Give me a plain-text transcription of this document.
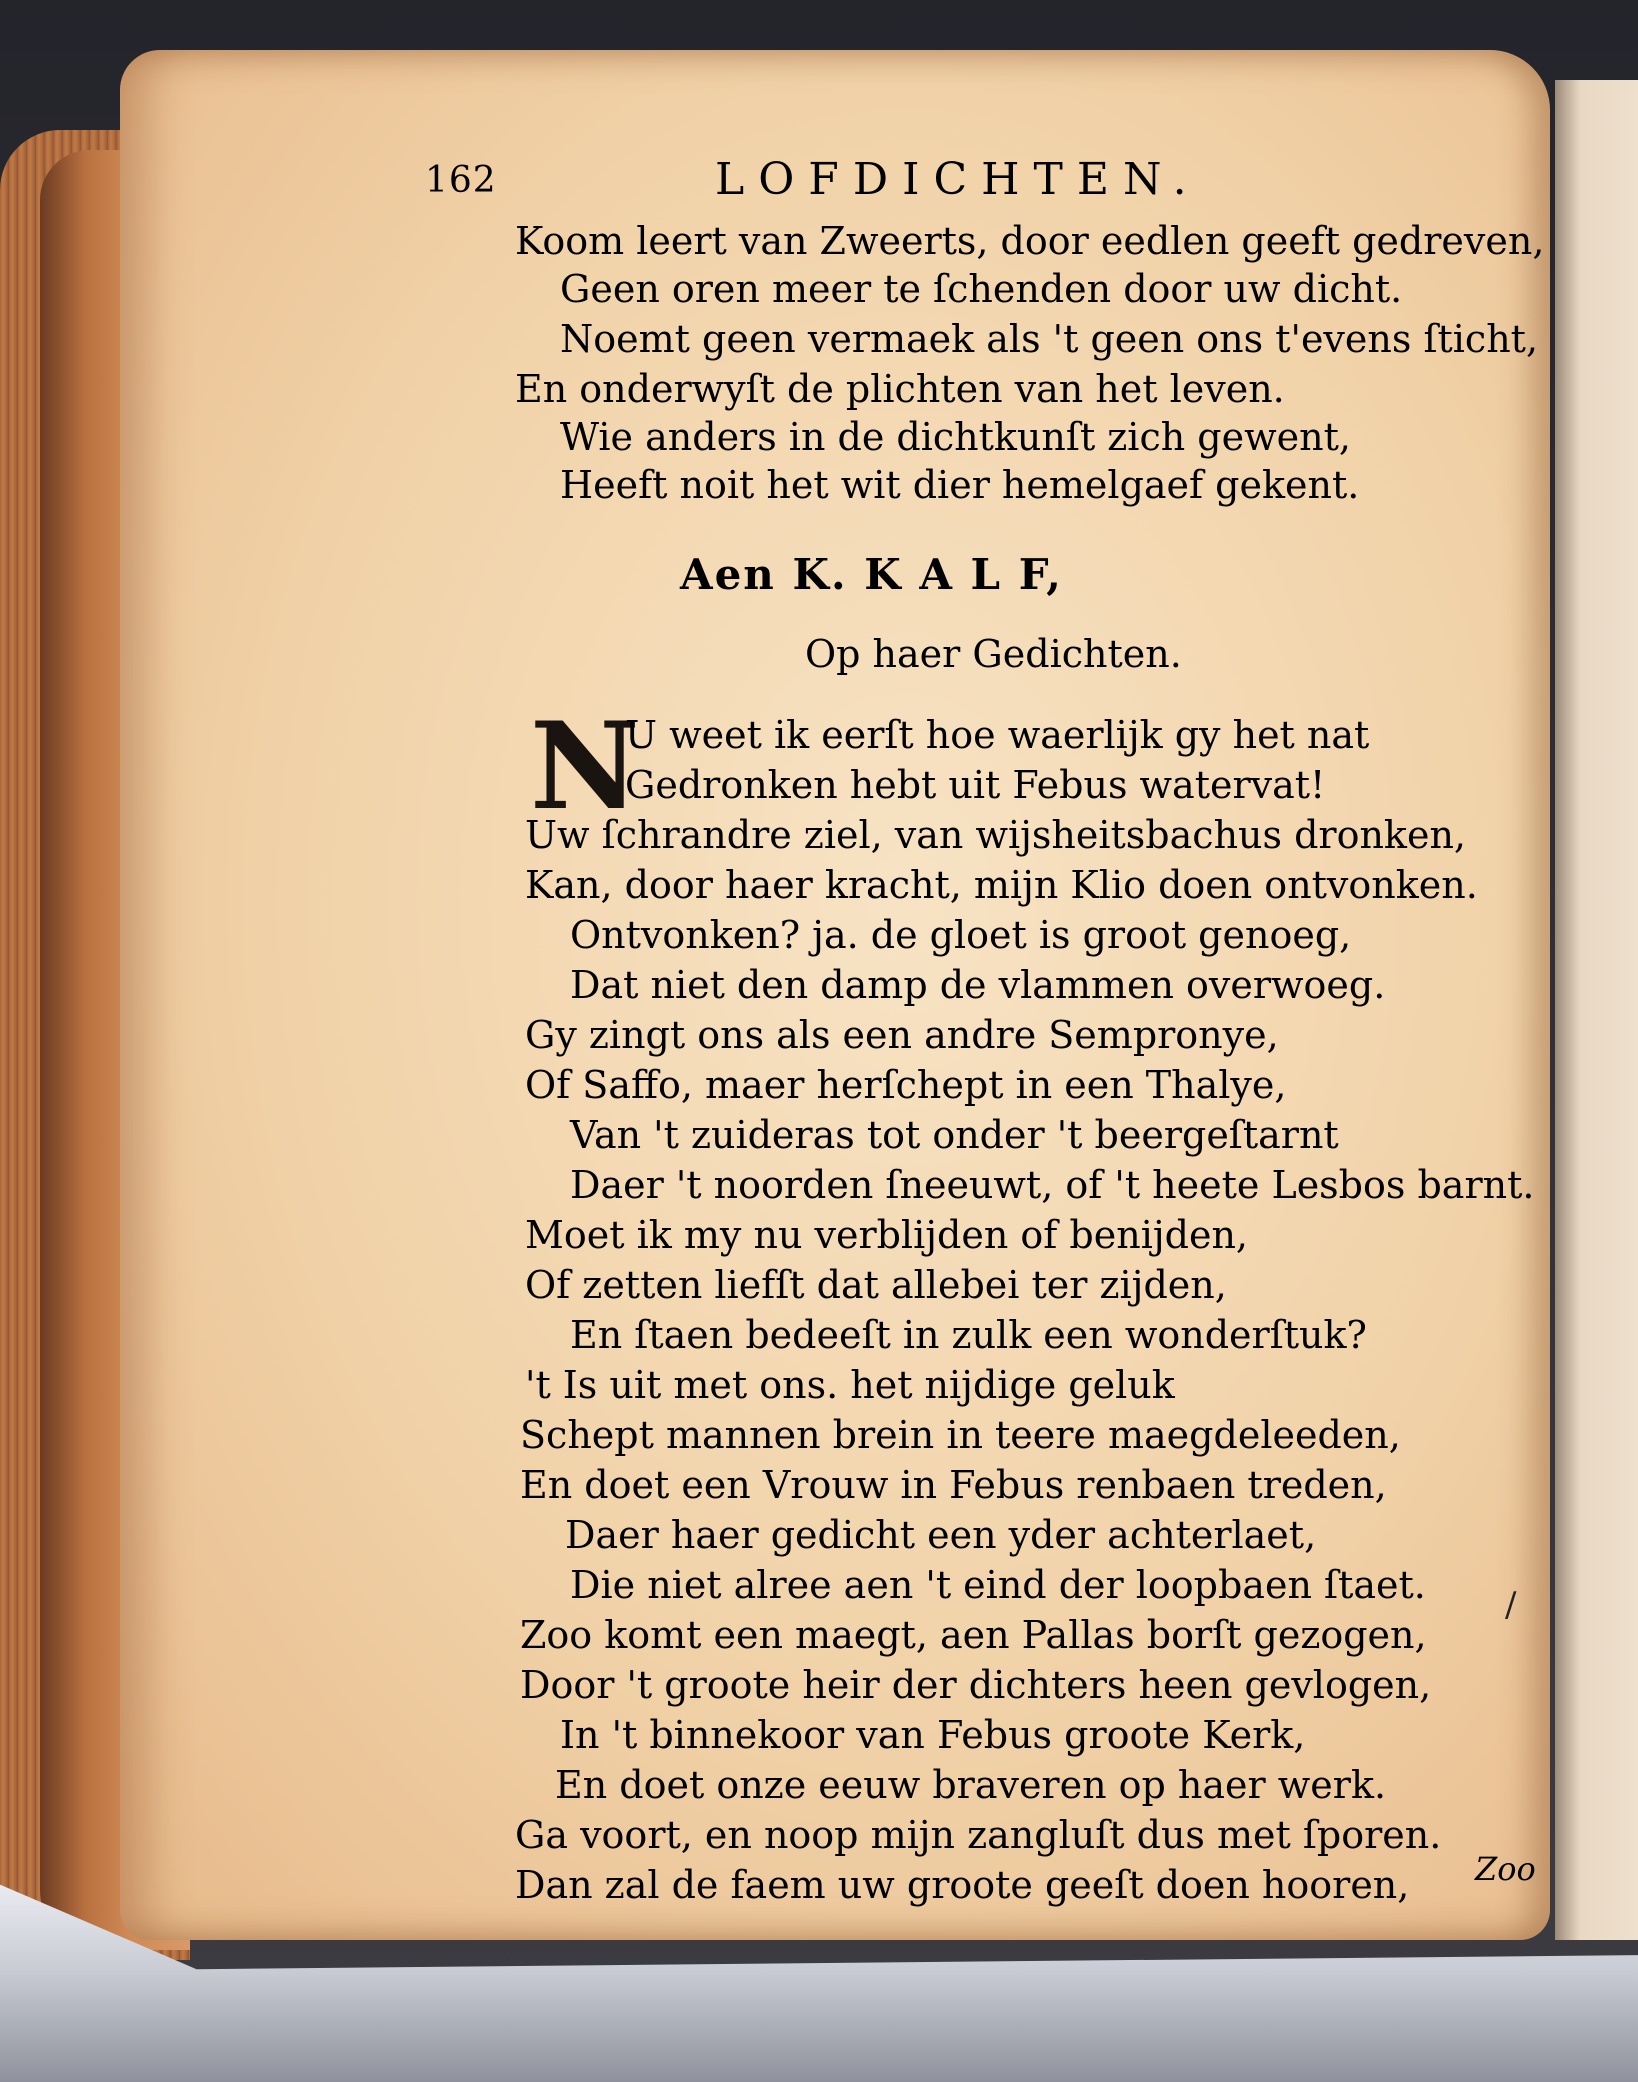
162	LOFDICHTEN.
Koom leert van Zweerts, door eedlen geeft gedreven,
Geen oren meer te ſchenden door uw dicht.
Noemt geen vermaek als 't geen ons t'evens ſticht,
En onderwyſt de plichten van het leven.
Wie anders in de dichtkunſt zich gewent,
Heeft noit het wit dier hemelgaef gekent.
Aen K. K A L F,
Op haer Gedichten.
N
U weet ik eerſt hoe waerlijk gy het nat
Gedronken hebt uit Febus watervat!
Uw ſchrandre ziel, van wijsheitsbachus dronken,
Kan, door haer kracht, mijn Klio doen ontvonken.
Ontvonken? ja. de gloet is groot genoeg,
Dat niet den damp de vlammen overwoeg.
Gy zingt ons als een andre Sempronye,
Of Saffo, maer herſchept in een Thalye,
Van 't zuideras tot onder 't beergeſtarnt
Daer 't noorden ſneeuwt, of 't heete Lesbos barnt.
Moet ik my nu verblijden of benijden,
Of zetten liefſt dat allebei ter zijden,
En ſtaen bedeeſt in zulk een wonderſtuk?
't Is uit met ons. het nijdige geluk
Schept mannen brein in teere maegdeleeden,
En doet een Vrouw in Febus renbaen treden,
Daer haer gedicht een yder achterlaet,
Die niet alree aen 't eind der loopbaen ſtaet.
Zoo komt een maegt, aen Pallas borſt gezogen,
Door 't groote heir der dichters heen gevlogen,
In 't binnekoor van Febus groote Kerk,
En doet onze eeuw braveren op haer werk.
Ga voort, en noop mijn zangluſt dus met ſporen.
Dan zal de faem uw groote geeſt doen hooren,
/
Zoo
